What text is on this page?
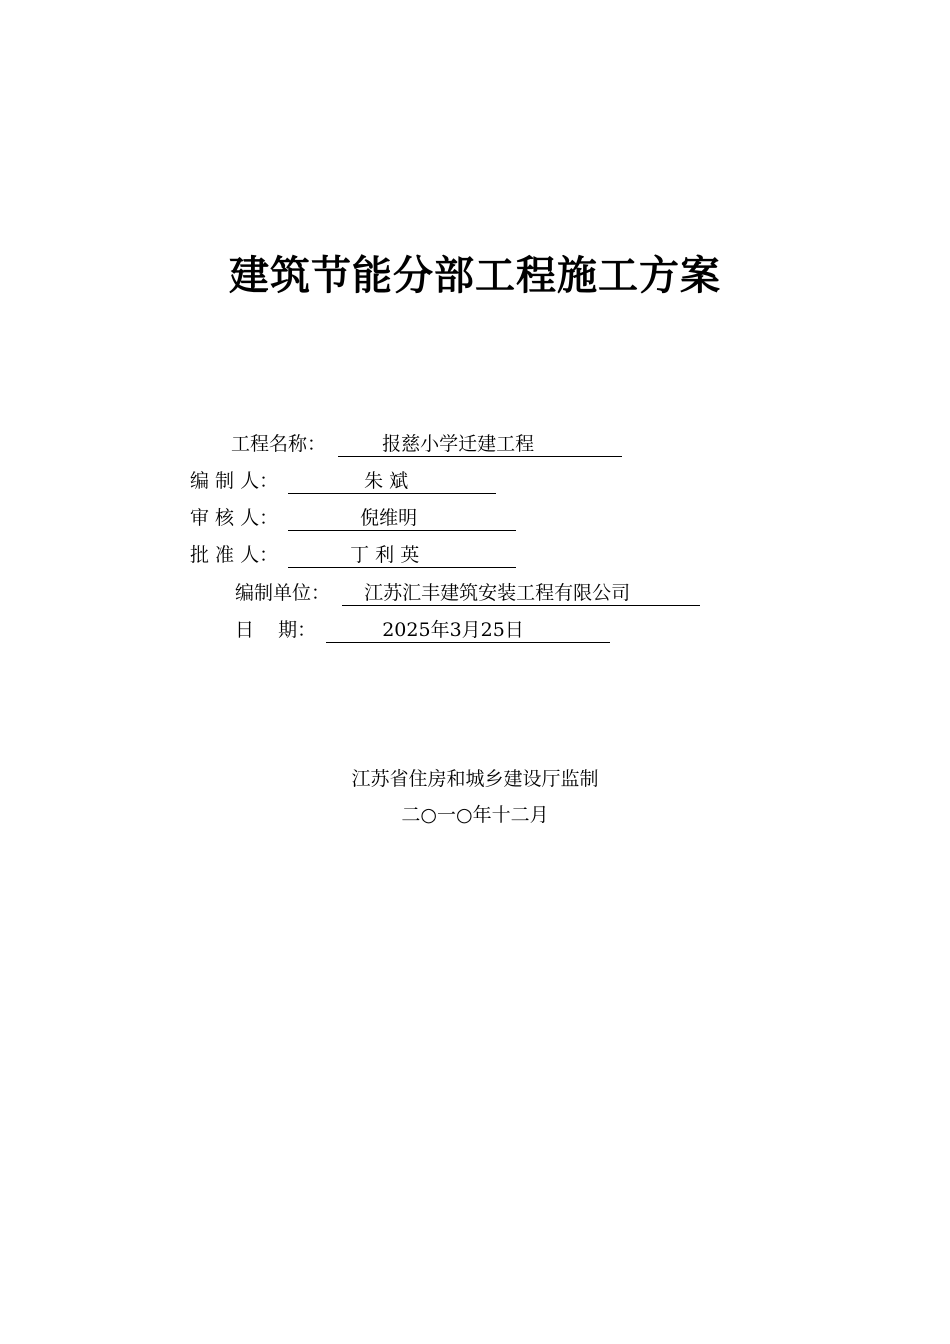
建筑节能分部工程施工方案
工程名称：	报慈小学迁建工程
编 制 人：	朱 斌
审 核 人：	倪维明
批 准 人：	丁 利 英
编制单位： 江苏汇丰建筑安装工程有限公司
日    期：	2025年3月25日
江苏省住房和城乡建设厅监制
二○一○年十二月
